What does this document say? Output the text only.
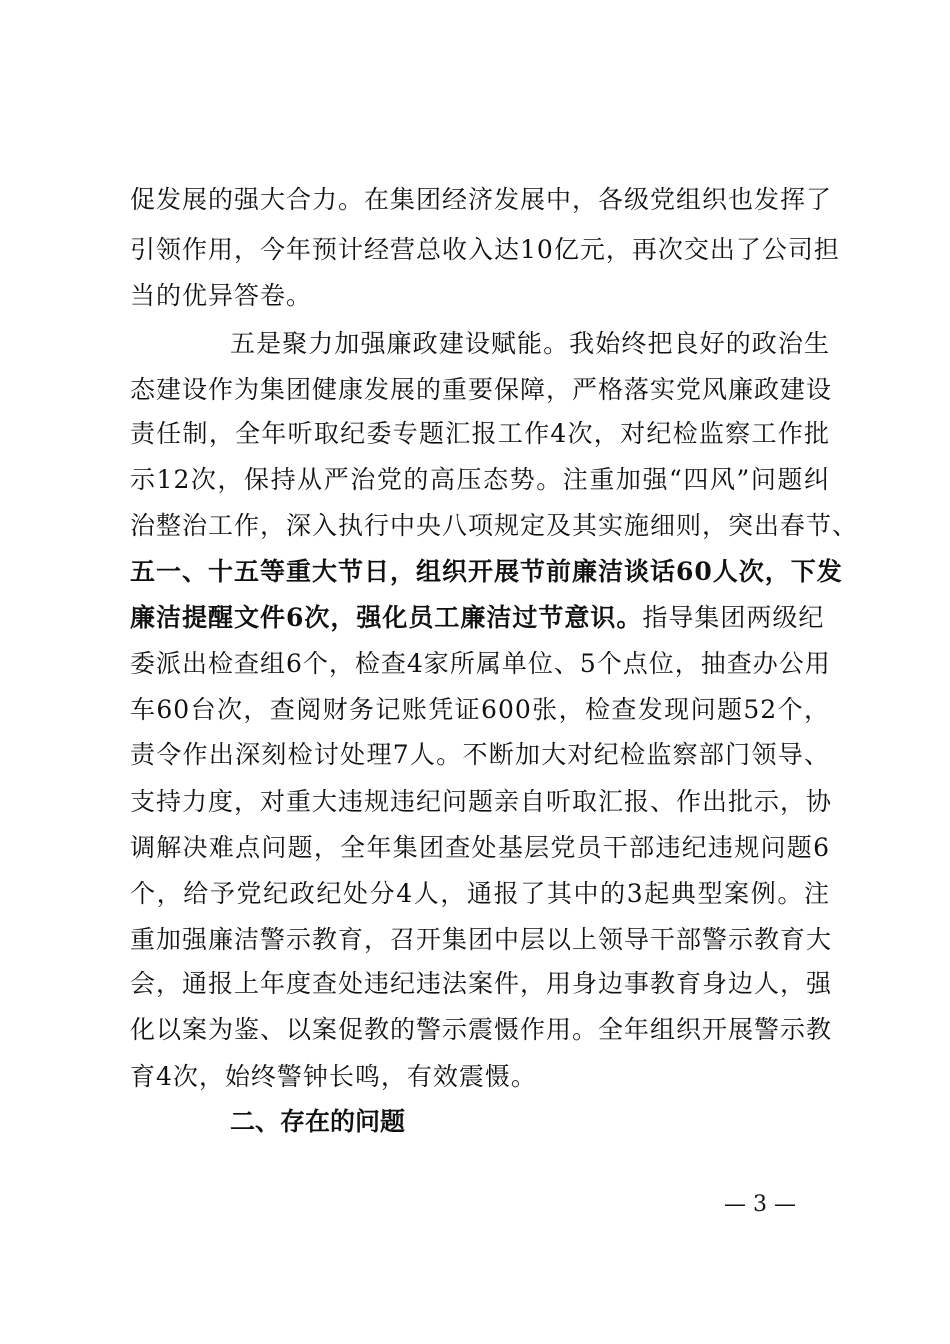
促发展的强大合力。在集团经济发展中，各级党组织也发挥了
引领作用，今年预计经营总收入达10亿元，再次交出了公司担
当的优异答卷。
五是聚力加强廉政建设赋能。我始终把良好的政治生
态建设作为集团健康发展的重要保障，严格落实党风廉政建设
责任制，全年听取纪委专题汇报工作4次，对纪检监察工作批
示12次，保持从严治党的高压态势。注重加强“四风”问题纠
治整治工作，深入执行中央八项规定及其实施细则，突出春节、
五一、十五等重大节日，组织开展节前廉洁谈话60人次，下发
廉洁提醒文件6次，强化员工廉洁过节意识。指导集团两级纪
委派出检查组6个，检查4家所属单位、5个点位，抽查办公用
车60台次，查阅财务记账凭证600张，检查发现问题52个，
责令作出深刻检讨处理7人。不断加大对纪检监察部门领导、
支持力度，对重大违规违纪问题亲自听取汇报、作出批示，协
调解决难点问题，全年集团查处基层党员干部违纪违规问题6
个，给予党纪政纪处分4人，通报了其中的3起典型案例。注
重加强廉洁警示教育，召开集团中层以上领导干部警示教育大
会，通报上年度查处违纪违法案件，用身边事教育身边人，强
化以案为鉴、以案促教的警示震慑作用。全年组织开展警示教
育4次，始终警钟长鸣，有效震慑。
二、存在的问题
— 3 —
